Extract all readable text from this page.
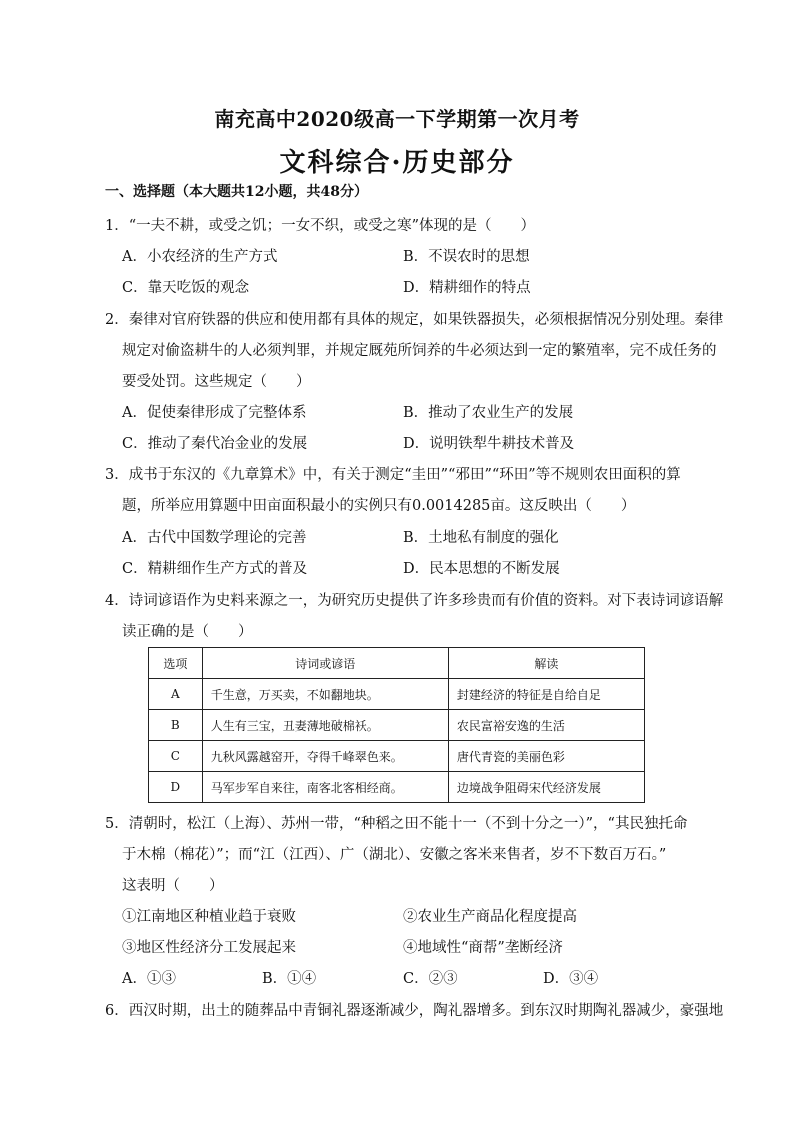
南充高中2020级高一下学期第一次月考
文科综合·历史部分
一、选择题（本大题共12小题，共48分）
1．“一夫不耕，或受之饥；一女不织，或受之寒”体现的是（　　）
A．小农经济的生产方式	B．不误农时的思想
C．靠天吃饭的观念	D．精耕细作的特点
2．秦律对官府铁器的供应和使用都有具体的规定，如果铁器损失，必须根据情况分别处理。秦律
规定对偷盗耕牛的人必须判罪，并规定厩苑所饲养的牛必须达到一定的繁殖率，完不成任务的
要受处罚。这些规定（　　）
A．促使秦律形成了完整体系	B．推动了农业生产的发展
C．推动了秦代冶金业的发展	D．说明铁犁牛耕技术普及
3．成书于东汉的《九章算术》中，有关于测定“圭田”“邪田”“环田”等不规则农田面积的算
题，所举应用算题中田亩面积最小的实例只有0.0014285亩。这反映出（　　）
A．古代中国数学理论的完善	B．土地私有制度的强化
C．精耕细作生产方式的普及	D．民本思想的不断发展
4．诗词谚语作为史料来源之一，为研究历史提供了许多珍贵而有价值的资料。对下表诗词谚语解
读正确的是（　　）
选项	诗词或谚语	解读
A	千生意，万买卖，不如翻地块。	封建经济的特征是自给自足
B	人生有三宝，丑妻薄地破棉袄。	农民富裕安逸的生活
C	九秋风露越窑开，夺得千峰翠色来。	唐代青瓷的美丽色彩
D	马军步军自来往，南客北客相经商。	边境战争阻碍宋代经济发展
5．清朝时，松江（上海）、苏州一带，“种稻之田不能十一（不到十分之一）”，“其民独托命
于木棉（棉花）”；而“江（江西）、广（湖北）、安徽之客米来售者，岁不下数百万石。”
这表明（　　）
①江南地区种植业趋于衰败	②农业生产商品化程度提高
③地区性经济分工发展起来	④地域性“商帮”垄断经济
A．①③	B．①④	C．②③	D．③④
6．西汉时期，出土的随葬品中青铜礼器逐渐减少，陶礼器增多。到东汉时期陶礼器减少，豪强地
